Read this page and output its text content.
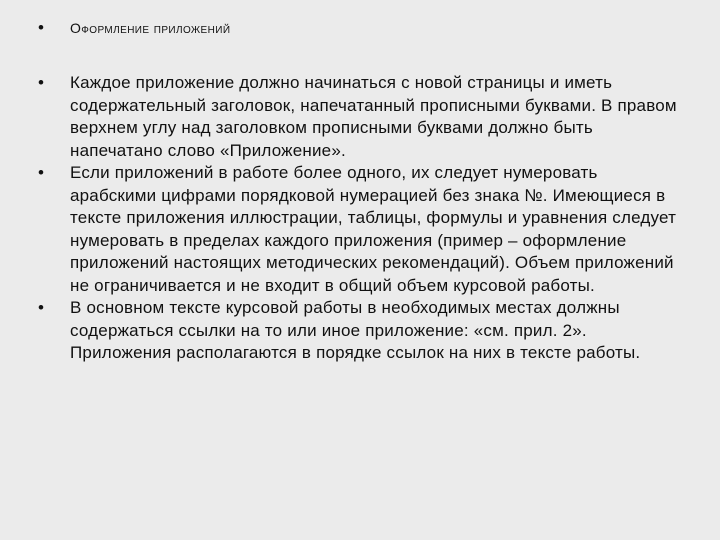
•	Оформление приложений
•	Каждое приложение должно начинаться с новой страницы и иметь содержательный заголовок, напечатанный прописными буквами. В правом верхнем углу над заголовком прописными буквами должно быть напечатано слово «Приложение».
•	Если приложений в работе более одного, их следует нумеровать арабскими цифрами порядковой нумерацией без знака №. Имеющиеся в тексте приложения иллюстрации, таблицы, формулы и уравнения следует нумеровать в пределах каждого приложения (пример – оформление приложений настоящих методических рекомендаций). Объем приложений не ограничивается и не входит в общий объем курсовой работы.
•	В основном тексте курсовой работы в необходимых местах должны содержаться ссылки на то или иное приложение: «см. прил. 2». Приложения располагаются в порядке ссылок на них в тексте работы.
